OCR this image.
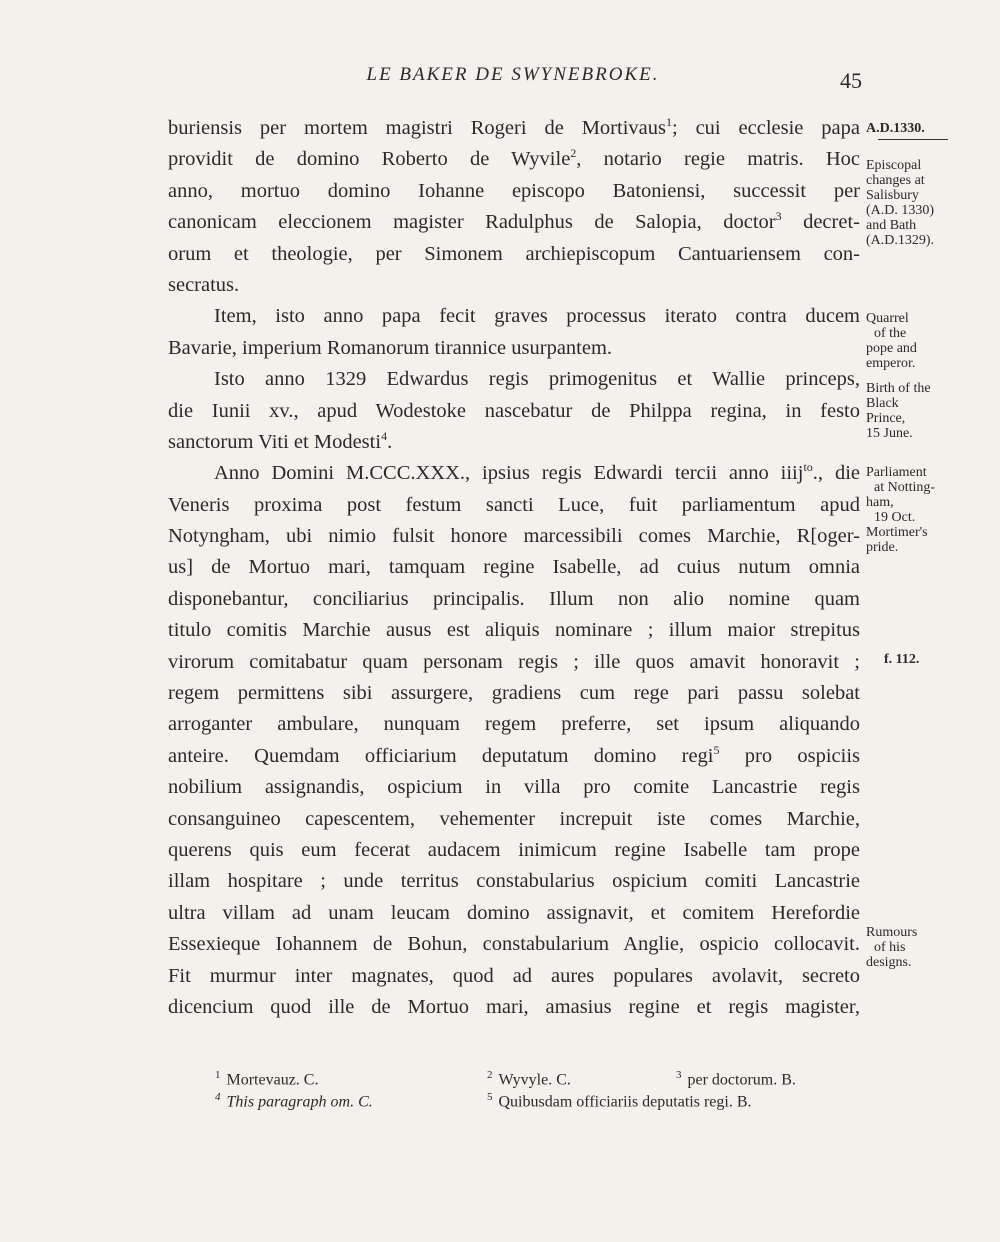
LE BAKER DE SWYNEBROKE.	45
buriensis per mortem magistri Rogeri de Mortivaus$^1$; cui ecclesie papa
providit de domino Roberto de Wyvile$^2$, notario regie matris. Hoc
anno, mortuo domino Iohanne episcopo Batoniensi, successit per
canonicam eleccionem magister Radulphus de Salopia, doctor$^3$ decret-
orum et theologie, per Simonem archiepiscopum Cantuariensem con-
secratus.
Item, isto anno papa fecit graves processus iterato contra ducem
Bavarie, imperium Romanorum tirannice usurpantem.
Isto anno 1329 Edwardus regis primogenitus et Wallie princeps,
die Iunii xv., apud Wodestoke nascebatur de Philppa regina, in festo
sanctorum Viti et Modesti$^4$.
Anno Domini M.CCC.XXX., ipsius regis Edwardi tercii anno iiij$^{to}$., die
Veneris proxima post festum sancti Luce, fuit parliamentum apud
Notyngham, ubi nimio fulsit honore marcessibili comes Marchie, R[oger-
us] de Mortuo mari, tamquam regine Isabelle, ad cuius nutum omnia
disponebantur, conciliarius principalis. Illum non alio nomine quam
titulo comitis Marchie ausus est aliquis nominare ; illum maior strepitus
virorum comitabatur quam personam regis ; ille quos amavit honoravit ;
regem permittens sibi assurgere, gradiens cum rege pari passu solebat
arroganter ambulare, nunquam regem preferre, set ipsum aliquando
anteire. Quemdam officiarium deputatum domino regi$^5$ pro ospiciis
nobilium assignandis, ospicium in villa pro comite Lancastrie regis
consanguineo capescentem, vehementer increpuit iste comes Marchie,
querens quis eum fecerat audacem inimicum regine Isabelle tam prope
illam hospitare ; unde territus constabularius ospicium comiti Lancastrie
ultra villam ad unam leucam domino assignavit, et comitem Herefordie
Essexieque Iohannem de Bohun, constabularium Anglie, ospicio collocavit.
Fit murmur inter magnates, quod ad aures populares avolavit, secreto
dicencium quod ille de Mortuo mari, amasius regine et regis magister,
A.D.1330.
Episcopal
changes at
Salisbury
(A.D. 1330)
and Bath
(A.D.1329).
Quarrel
of the
pope and
emperor.
Birth of the
Black
Prince,
15 June.
Parliament
at Notting-
ham,
19 Oct.
Mortimer's
pride.
f. 112.
Rumours
of his
designs.
$^1$ Mortevauz. C.	$^2$ Wyvyle. C.	$^3$ per doctorum. B.
$^4$ This paragraph om. C.	$^5$ Quibusdam officiariis deputatis regi. B.
